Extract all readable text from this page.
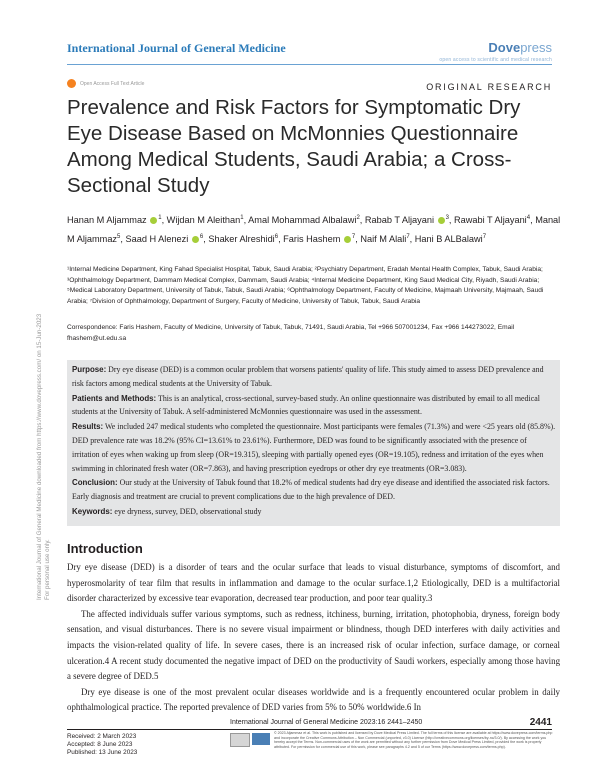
International Journal of General Medicine	Dovepress
open access to scientific and medical research
Open Access Full Text Article	ORIGINAL RESEARCH
Prevalence and Risk Factors for Symptomatic Dry Eye Disease Based on McMonnies Questionnaire Among Medical Students, Saudi Arabia; a Cross-Sectional Study
Hanan M Aljammaz $^1$, Wijdan M Aleithan$^1$, Amal Mohammad Albalawi$^2$, Rabab T Aljayani $^3$, Rawabi T Aljayani$^4$, Manal M Aljammaz$^5$, Saad H Alenezi $^6$, Shaker Alreshidi$^6$, Faris Hashem $^7$, Naif M Alali$^7$, Hani B ALBalawi$^7$
¹Internal Medicine Department, King Fahad Specialist Hospital, Tabuk, Saudi Arabia; ²Psychiatry Department, Eradah Mental Health Complex, Tabuk, Saudi Arabia; ³Ophthalmology Department, Dammam Medical Complex, Dammam, Saudi Arabia; ⁴Internal Medicine Department, King Saud Medical City, Riyadh, Saudi Arabia; ⁵Medical Laboratory Department, University of Tabuk, Tabuk, Saudi Arabia; ⁶Ophthalmology Department, Faculty of Medicine, Majmaah University, Majmaah, Saudi Arabia; ⁷Division of Ophthalmology, Department of Surgery, Faculty of Medicine, University of Tabuk, Tabuk, Saudi Arabia
Correspondence: Faris Hashem, Faculty of Medicine, University of Tabuk, Tabuk, 71491, Saudi Arabia, Tel +966 507001234, Fax +966 144273022, Email fhashem@ut.edu.sa

Purpose: Dry eye disease (DED) is a common ocular problem that worsens patients' quality of life. This study aimed to assess DED prevalence and risk factors among medical students at the University of Tabuk.

Patients and Methods: This is an analytical, cross-sectional, survey-based study. An online questionnaire was distributed by email to all medical students at the University of Tabuk. A self-administered McMonnies questionnaire was used in the assessment.

Results: We included 247 medical students who completed the questionnaire. Most participants were females (71.3%) and were <25 years old (85.8%). DED prevalence rate was 18.2% (95% CI=13.61% to 23.61%). Furthermore, DED was found to be significantly associated with the presence of irritation of eyes when waking up from sleep (OR=19.315), sleeping with partially opened eyes (OR=19.105), redness and irritation of the eyes when swimming in chlorinated fresh water (OR=7.863), and having prescription eyedrops or other dry eye treatments (OR=3.083).

Conclusion: Our study at the University of Tabuk found that 18.2% of medical students had dry eye disease and identified the associated risk factors. Early diagnosis and treatment are crucial to prevent complications due to the high prevalence of DED.

Keywords: eye dryness, survey, DED, observational study

International Journal of General Medicine downloaded from https://www.dovepress.com/ on 15-Jun-2023 For personal use only. Introduction

Dry eye disease (DED) is a disorder of tears and the ocular surface that leads to visual disturbance, symptoms of discomfort, and hyperosmolarity of tear film that results in inflammation and damage to the ocular surface.1,2 Etiologically, DED is a multifactorial disorder characterized by excessive tear evaporation, decreased tear production, and poor tear quality.3

The affected individuals suffer various symptoms, such as redness, itchiness, burning, irritation, photophobia, dryness, foreign body sensation, and visual disturbances. There is no severe visual impairment or blindness, though DED interferes with daily activities and impacts the vision-related quality of life. In severe cases, there is an increased risk of ocular infection, surface damage, or corneal ulceration.4 A recent study documented the negative impact of DED on the productivity of Saudi workers, especially among those having a severe degree of DED.5

Dry eye disease is one of the most prevalent ocular diseases worldwide and is a frequently encountered ocular problem in daily ophthalmological practice. The reported prevalence of DED varies from 5% to 50% worldwide.6 In

International Journal of General Medicine 2023:16 2441–2450	2441
Received: 2 March 2023
Accepted: 8 June 2023
Published: 13 June 2023
© 2023 Aljammaz et al. This work is published and licensed by Dove Medical Press Limited. The full terms of this license are available at https://www.dovepress.com/terms.php and incorporate the Creative Commons Attribution – Non Commercial (unported, v3.0) License (http://creativecommons.org/licenses/by-nc/3.0/). By accessing the work you hereby accept the Terms. Non-commercial uses of the work are permitted without any further permission from Dove Medical Press Limited, provided the work is properly attributed. For permission for commercial use of this work, please see paragraphs 4.2 and 5 of our Terms (https://www.dovepress.com/terms.php).
